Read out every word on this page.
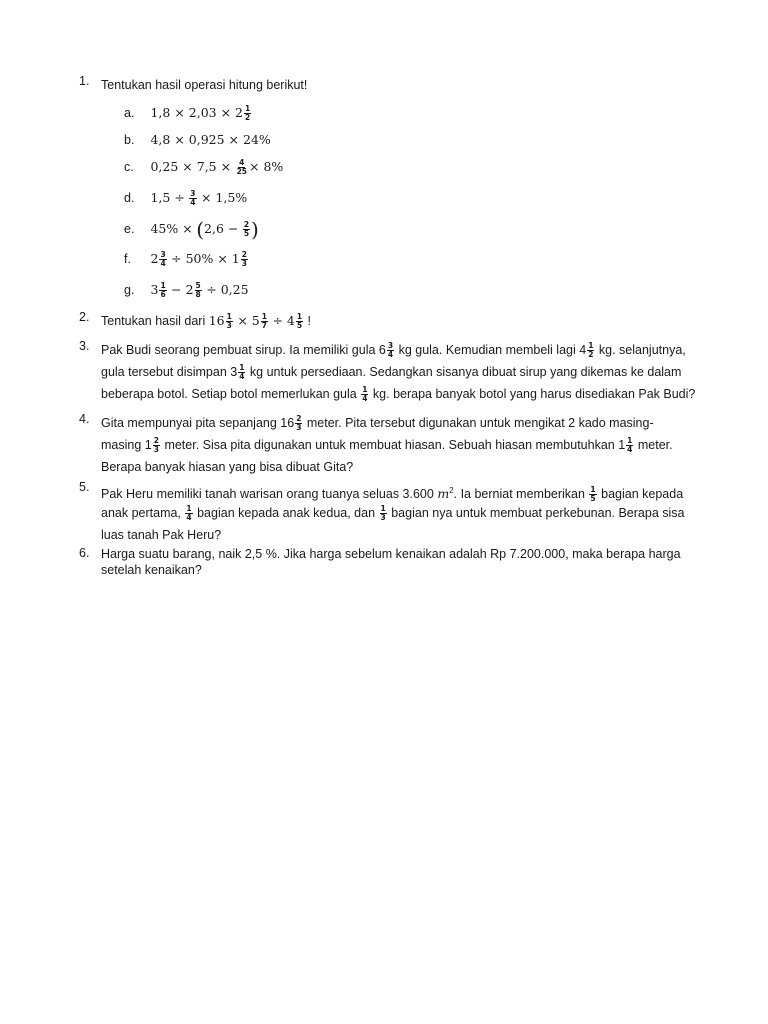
1. Tentukan hasil operasi hitung berikut!
a. $1,8 \times 2,03 \times 2 \frac{1}{2}$
b. 4,8 × 0,925 × 24%
c. $0,25 \times 7,5 \times \frac{4}{25} \times 8\%$
d. $1,5 \div \frac{3}{4} \times 1,5\%$
e. $45\% \times (2,6 - \frac{2}{5}$ )
f. $2 \frac{3}{4} \div 50\% \times 1 \frac{2}{3}$
g. $3 \frac{1}{6} - 2 \frac{5}{8} \div 0,25$
2. Tentukan hasil dari $16 \frac{1}{3} \times 5 \frac{1}{7} \div 4 \frac{1}{5}$ !
3. Pak Budi seorang pembuat sirup. Ia memiliki gula $6 \frac{3}{4}$ kg gula. Kemudian membeli lagi $4 \frac{1}{2}$ kg. selanjutnya,
gula tersebut disimpan $3 \frac{1}{4}$ kg untuk persediaan. Sedangkan sisanya dibuat sirup yang dikemas ke dalam
beberapa botol. Setiap botol memerlukan gula $\frac{1}{4}$ kg. berapa banyak botol yang harus disediakan Pak Budi?
4. Gita mempunyai pita sepanjang $16 \frac{2}{3}$ meter. Pita tersebut digunakan untuk mengikat 2 kado masing-
masing $1 \frac{2}{3}$ meter. Sisa pita digunakan untuk membuat hiasan. Sebuah hiasan membutuhkan $1 \frac{1}{4}$ meter.
Berapa banyak hiasan yang bisa dibuat Gita?
5.
Pak Heru memiliki tanah warisan orang tuanya seluas 3.600 $m^2$. Ia berniat memberikan $\frac{1}{5}$ bagian kepada
anak pertama, $\frac{1}{4}$ bagian kepada anak kedua, dan $\frac{1}{3}$ bagian nya untuk membuat perkebunan. Berapa sisa
luas tanah Pak Heru?
6. Harga suatu barang, naik 2,5 %. Jika harga sebelum kenaikan adalah Rp 7.200.000, maka berapa harga
setelah kenaikan?
